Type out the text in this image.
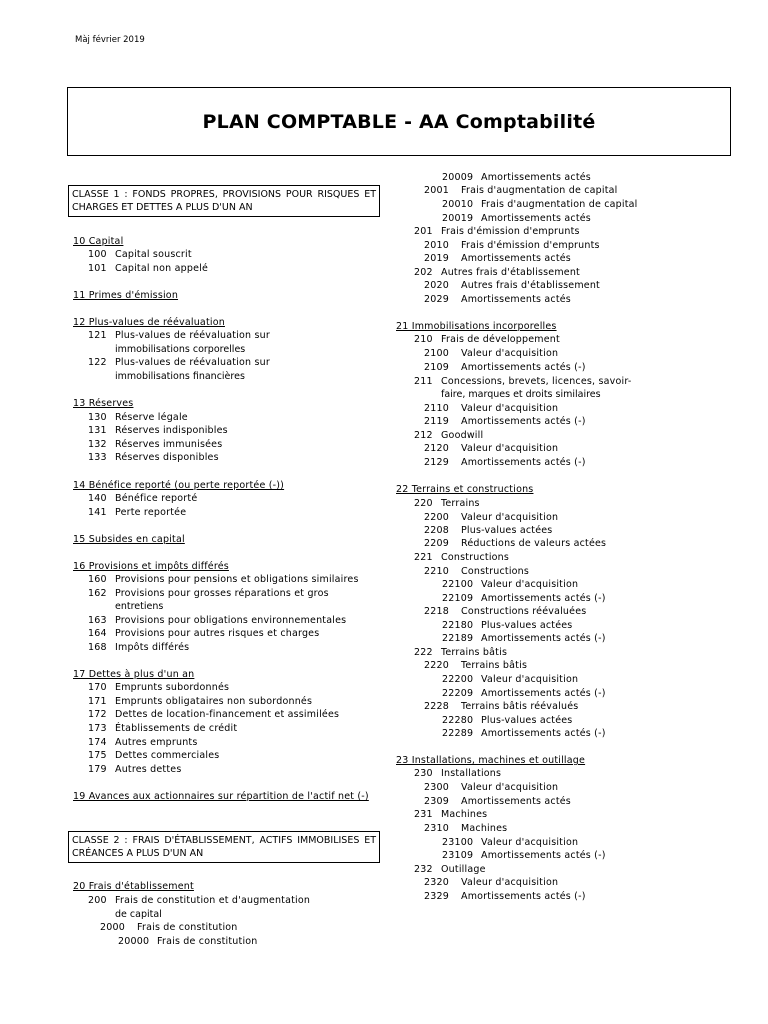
Màj février 2019
PLAN COMPTABLE - AA Comptabilité
CLASSE 1 : FONDS PROPRES, PROVISIONS POUR RISQUES ET CHARGES ET DETTES A PLUS D'UN AN
CLASSE 2 : FRAIS D'ÉTABLISSEMENT, ACTIFS IMMOBILISES ET CRÉANCES A PLUS D'UN AN
10 Capital
100 Capital souscrit
101 Capital non appelé
11 Primes d'émission
12 Plus-values de réévaluation
121 Plus-values de réévaluation sur
immobilisations corporelles
122 Plus-values de réévaluation sur
immobilisations financières
13 Réserves
130 Réserve légale
131 Réserves indisponibles
132 Réserves immunisées
133 Réserves disponibles
14 Bénéfice reporté (ou perte reportée (-))
140 Bénéfice reporté
141 Perte reportée
15 Subsides en capital
16 Provisions et impôts différés
160 Provisions pour pensions et obligations similaires
162 Provisions pour grosses réparations et gros
entretiens
163 Provisions pour obligations environnementales
164 Provisions pour autres risques et charges
168 Impôts différés
17 Dettes à plus d'un an
170 Emprunts subordonnés
171 Emprunts obligataires non subordonnés
172 Dettes de location-financement et assimilées
173 Établissements de crédit
174 Autres emprunts
175 Dettes commerciales
179 Autres dettes
19 Avances aux actionnaires sur répartition de l'actif net (-)
20 Frais d'établissement
200 Frais de constitution et d'augmentation
de capital
2000 Frais de constitution
20000 Frais de constitution
20009 Amortissements actés
2001 Frais d'augmentation de capital
20010 Frais d'augmentation de capital
20019 Amortissements actés
201 Frais d'émission d'emprunts
2010 Frais d'émission d'emprunts
2019 Amortissements actés
202 Autres frais d'établissement
2020 Autres frais d'établissement
2029 Amortissements actés
21 Immobilisations incorporelles
210 Frais de développement
2100 Valeur d'acquisition
2109 Amortissements actés (-)
211 Concessions, brevets, licences, savoir-
faire, marques et droits similaires
2110 Valeur d'acquisition
2119 Amortissements actés (-)
212 Goodwill
2120 Valeur d'acquisition
2129 Amortissements actés (-)
22 Terrains et constructions
220 Terrains
2200 Valeur d'acquisition
2208 Plus-values actées
2209 Réductions de valeurs actées
221 Constructions
2210 Constructions
22100 Valeur d'acquisition
22109 Amortissements actés (-)
2218 Constructions réévaluées
22180 Plus-values actées
22189 Amortissements actés (-)
222 Terrains bâtis
2220 Terrains bâtis
22200 Valeur d'acquisition
22209 Amortissements actés (-)
2228 Terrains bâtis réévalués
22280 Plus-values actées
22289 Amortissements actés (-)
23 Installations, machines et outillage
230 Installations
2300 Valeur d'acquisition
2309 Amortissements actés
231 Machines
2310 Machines
23100 Valeur d'acquisition
23109 Amortissements actés (-)
232 Outillage
2320 Valeur d'acquisition
2329 Amortissements actés (-)
